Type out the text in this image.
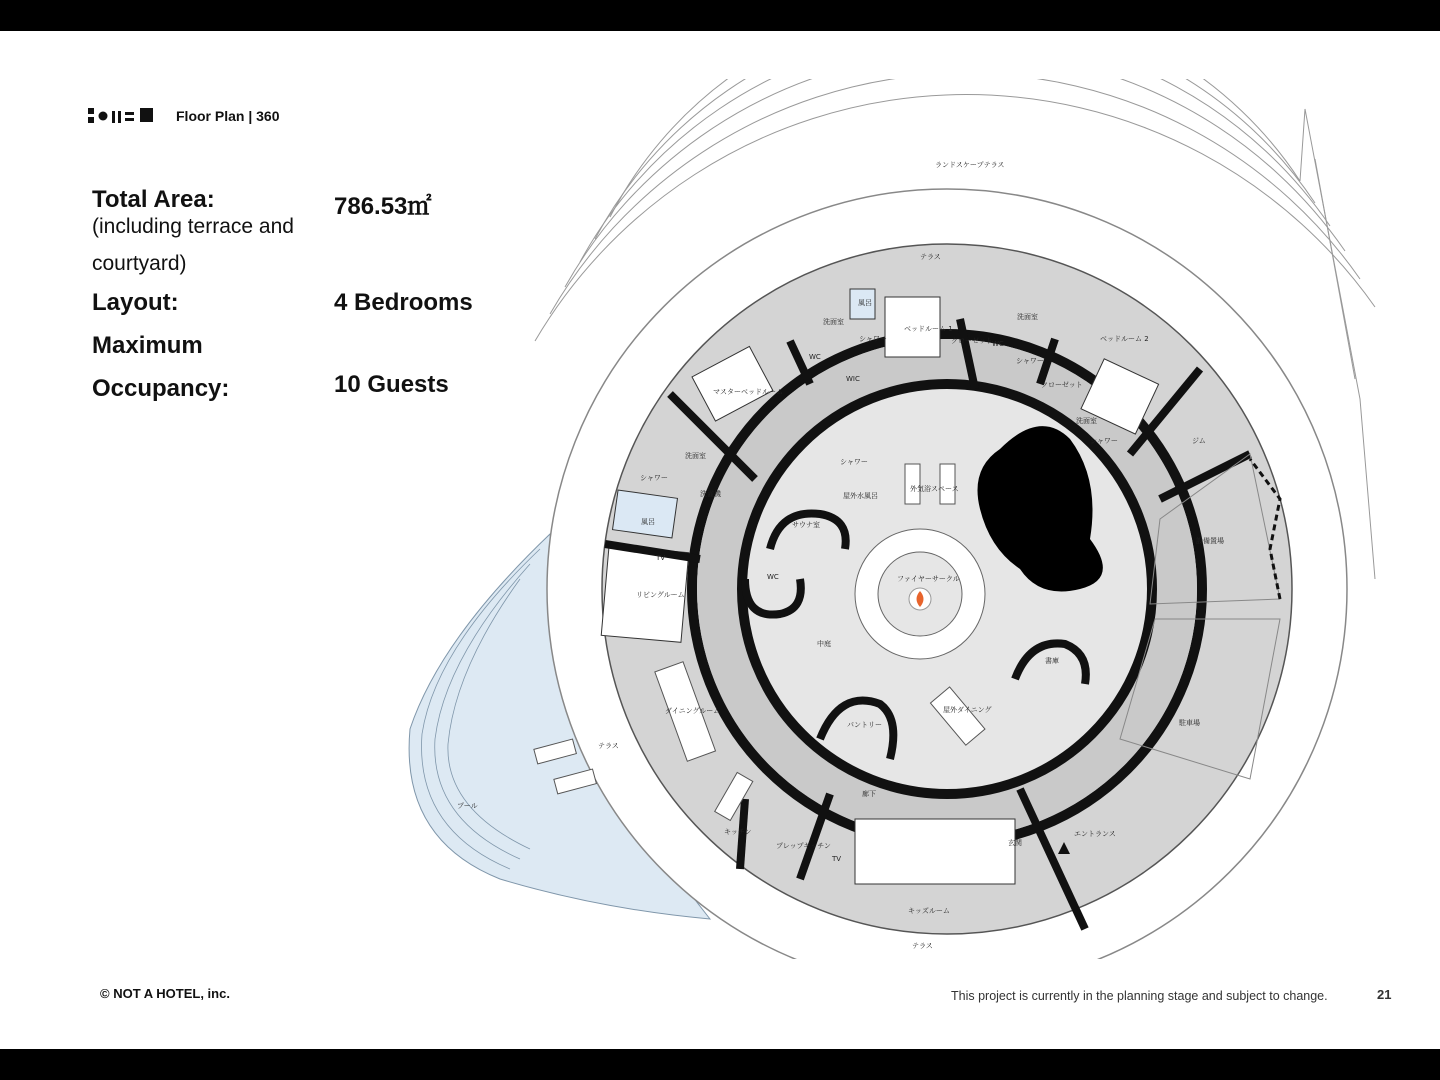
Floor Plan | 360
Total Area:	786.53㎡
(including terrace and
courtyard)
Layout:	4 Bedrooms
Maximum
Occupancy:	10 Guests
ランドスケープテラス
テラス
テラス
テラス
プール
風呂
ベッドルーム 1
クローゼット
洗面室
シャワー
WC
WIC
WC
洗面室
シャワー
クローゼット
ベッドルーム 2
洗面室
シャワー	ジム
マスターベッドルーム
洗面室
シャワー
洗濯機
風呂
TV
リビングルーム
シャワー
外気浴スペース
屋外水風呂
サウナ室
WC	ファイヤーサークル
中庭
設備置場
書庫
駐車場
ダイニングルーム
パントリー
屋外ダイニング
キッチン
廊下
プレップキッチン
TV
玄関
エントランス
キッズルーム
© NOT A HOTEL, inc.	This project is currently in the planning stage and subject to change.	21
